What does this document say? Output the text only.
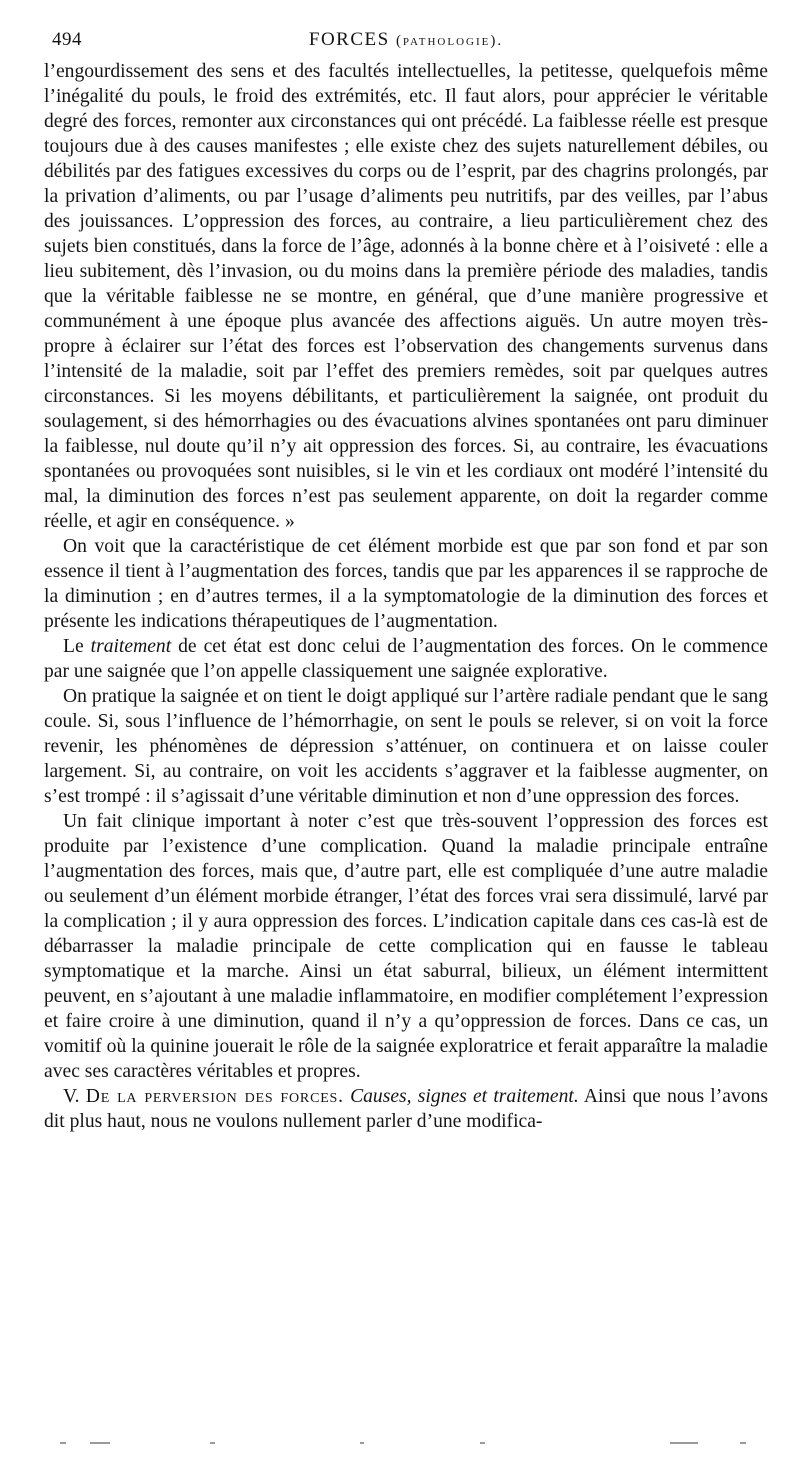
494	FORCES (pathologie).

l’engourdissement des sens et des facultés intellectuelles, la petitesse, quelquefois même l’inégalité du pouls, le froid des extrémités, etc. Il faut alors, pour apprécier le véritable degré des forces, remonter aux circonstances qui ont précédé. La faiblesse réelle est presque toujours due à des causes manifestes ; elle existe chez des sujets naturellement débiles, ou débilités par des fatigues excessives du corps ou de l’esprit, par des chagrins prolongés, par la privation d’aliments, ou par l’usage d’aliments peu nutritifs, par des veilles, par l’abus des jouissances. L’oppression des forces, au contraire, a lieu particulièrement chez des sujets bien constitués, dans la force de l’âge, adonnés à la bonne chère et à l’oisiveté : elle a lieu subitement, dès l’invasion, ou du moins dans la première période des maladies, tandis que la véritable faiblesse ne se montre, en général, que d’une manière progressive et communément à une époque plus avancée des affections aiguës. Un autre moyen très-propre à éclairer sur l’état des forces est l’observation des changements survenus dans l’intensité de la maladie, soit par l’effet des premiers remèdes, soit par quelques autres circonstances. Si les moyens débilitants, et particulièrement la saignée, ont produit du soulagement, si des hémorrhagies ou des évacuations alvines spontanées ont paru diminuer la faiblesse, nul doute qu’il n’y ait oppression des forces. Si, au contraire, les évacuations spontanées ou provoquées sont nuisibles, si le vin et les cordiaux ont modéré l’intensité du mal, la diminution des forces n’est pas seulement apparente, on doit la regarder comme réelle, et agir en conséquence. »

On voit que la caractéristique de cet élément morbide est que par son fond et par son essence il tient à l’augmentation des forces, tandis que par les apparences il se rapproche de la diminution ; en d’autres termes, il a la symptomatologie de la diminution des forces et présente les indications thérapeutiques de l’augmentation.

Le traitement de cet état est donc celui de l’augmentation des forces. On le commence par une saignée que l’on appelle classiquement une saignée explorative.

On pratique la saignée et on tient le doigt appliqué sur l’artère radiale pendant que le sang coule. Si, sous l’influence de l’hémorrhagie, on sent le pouls se relever, si on voit la force revenir, les phénomènes de dépression s’atténuer, on continuera et on laisse couler largement. Si, au contraire, on voit les accidents s’aggraver et la faiblesse augmenter, on s’est trompé : il s’agissait d’une véritable diminution et non d’une oppression des forces.

Un fait clinique important à noter c’est que très-souvent l’oppression des forces est produite par l’existence d’une complication. Quand la maladie principale entraîne l’augmentation des forces, mais que, d’autre part, elle est compliquée d’une autre maladie ou seulement d’un élément morbide étranger, l’état des forces vrai sera dissimulé, larvé par la complication ; il y aura oppression des forces. L’indication capitale dans ces cas-là est de débarrasser la maladie principale de cette complication qui en fausse le tableau symptomatique et la marche. Ainsi un état saburral, bilieux, un élément intermittent peuvent, en s’ajoutant à une maladie inflammatoire, en modifier complétement l’expression et faire croire à une diminution, quand il n’y a qu’oppression de forces. Dans ce cas, un vomitif où la quinine jouerait le rôle de la saignée exploratrice et ferait apparaître la maladie avec ses caractères véritables et propres.

V. De la perversion des forces. Causes, signes et traitement. Ainsi que nous l’avons dit plus haut, nous ne voulons nullement parler d’une modifica-
